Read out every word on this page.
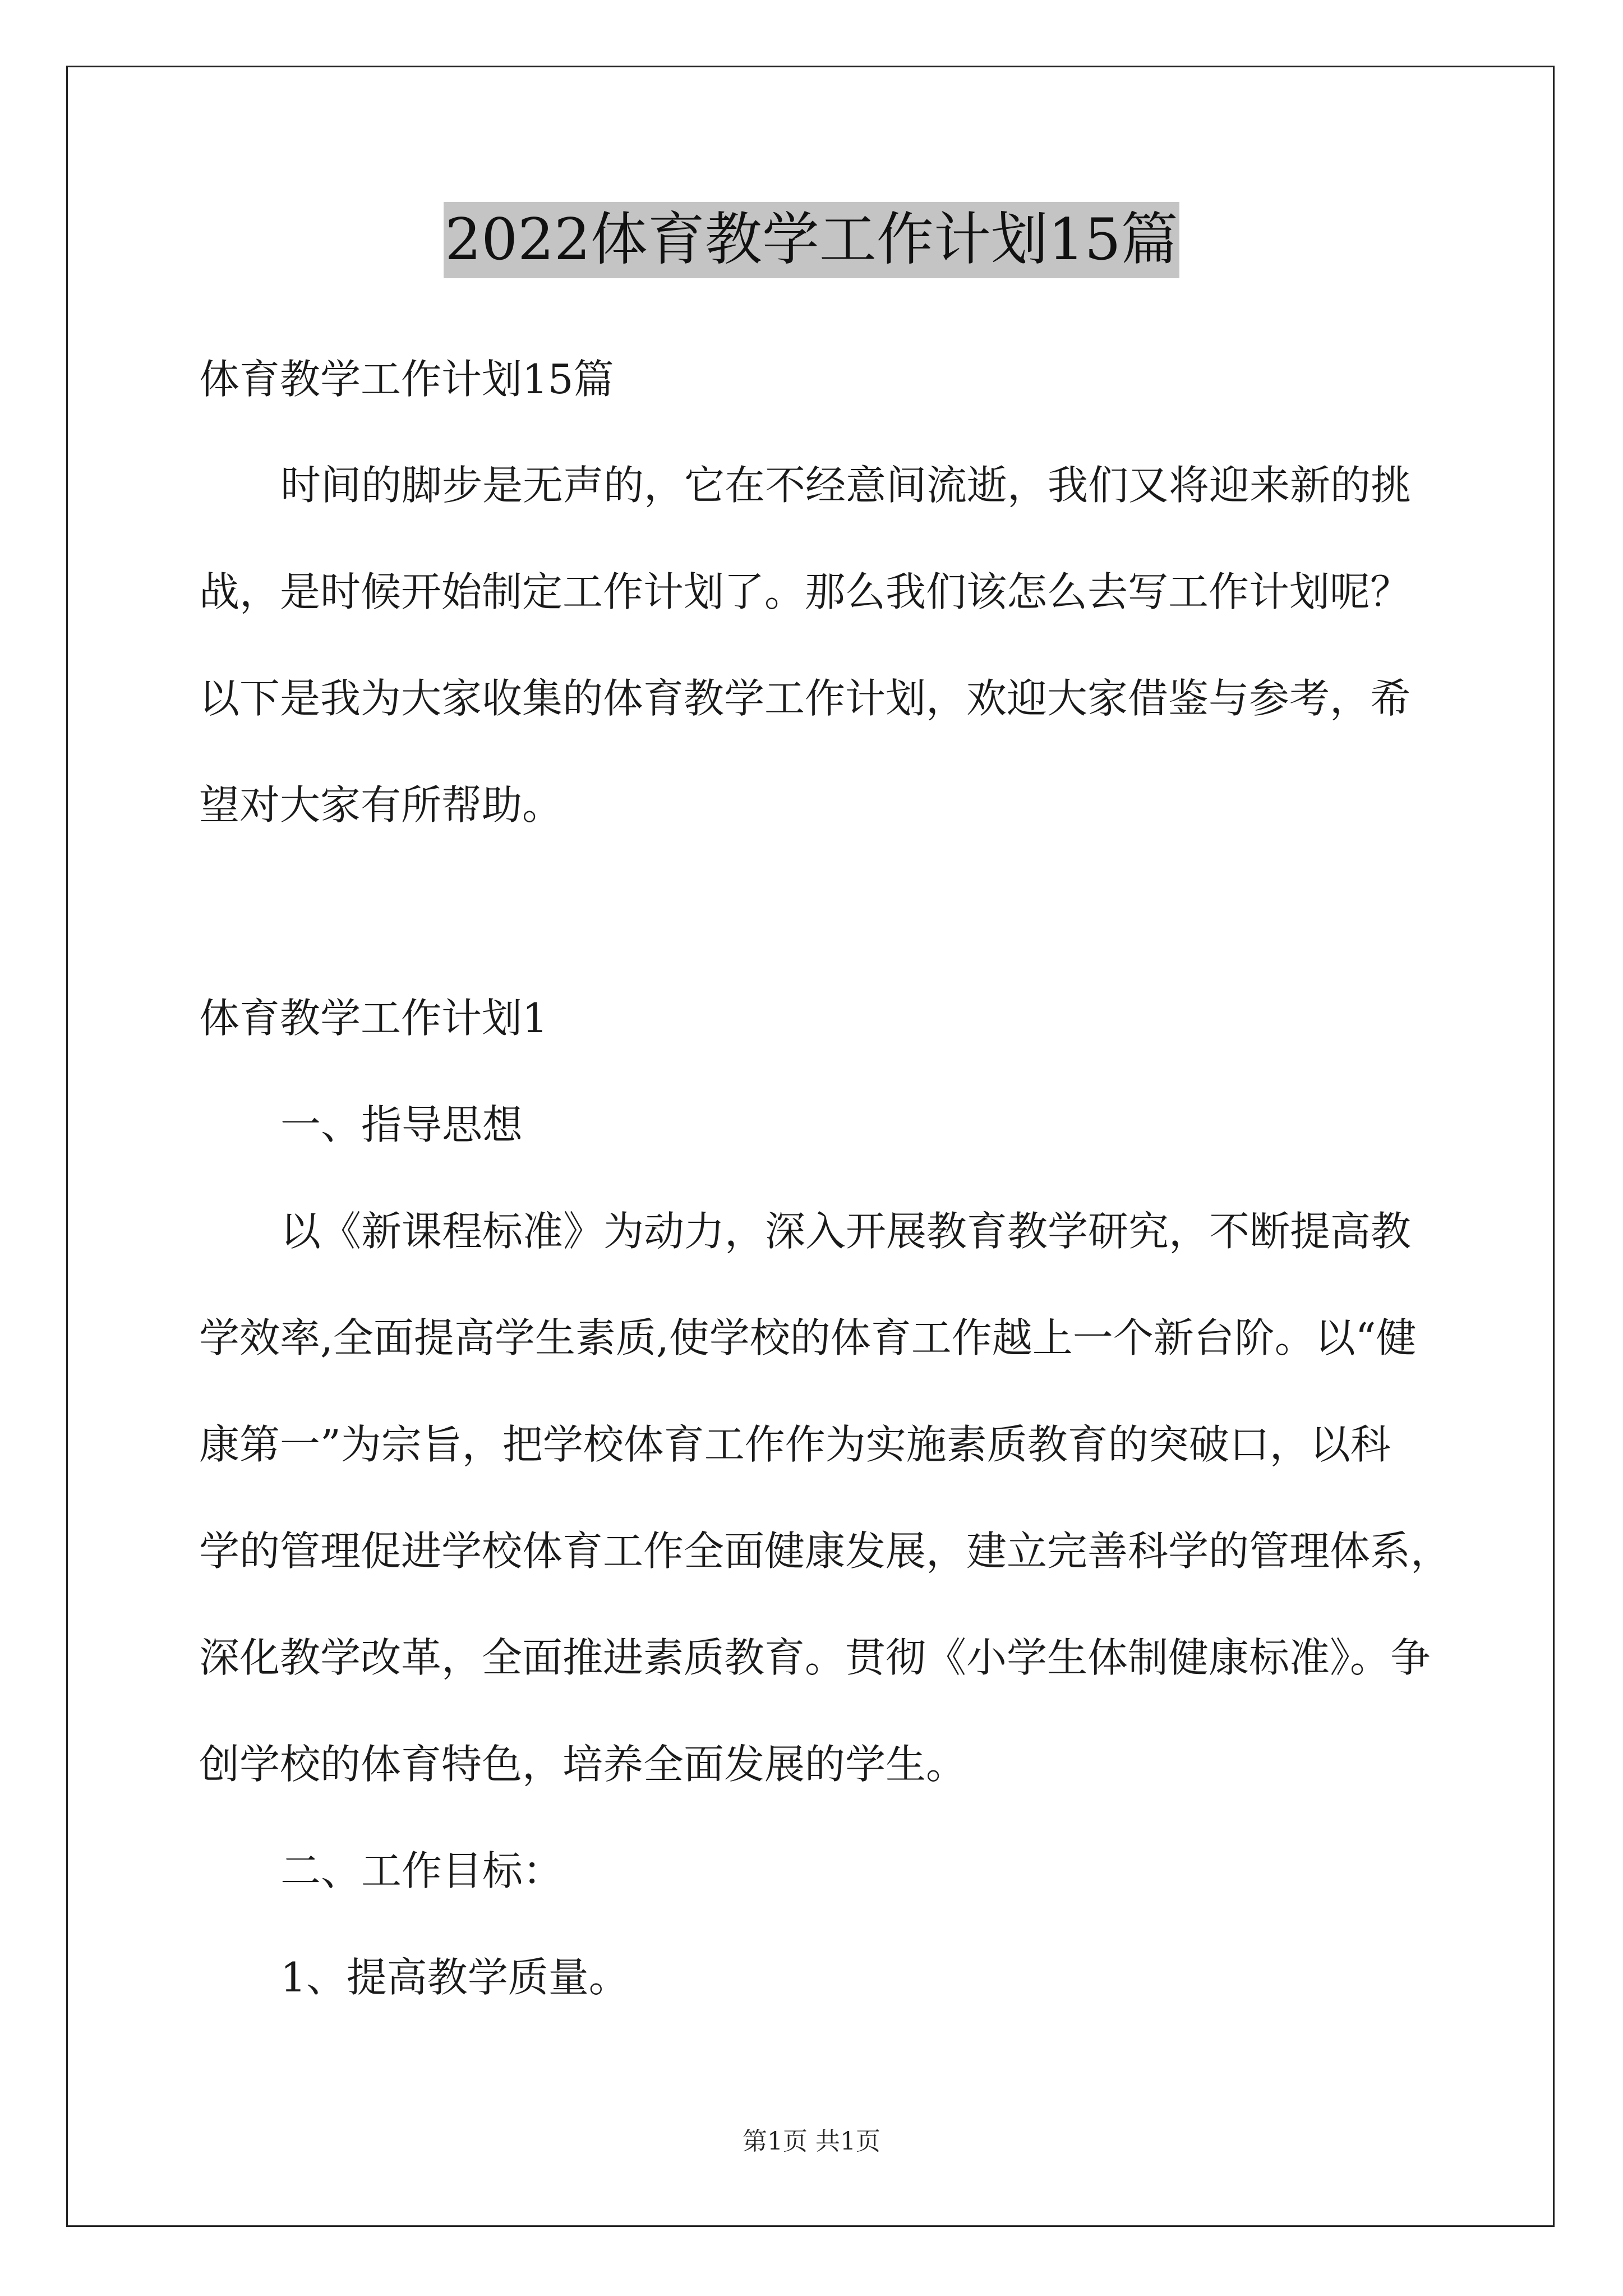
2022体育教学工作计划15篇
体育教学工作计划15篇
时间的脚步是无声的，它在不经意间流逝，我们又将迎来新的挑
战，是时候开始制定工作计划了。那么我们该怎么去写工作计划呢？
以下是我为大家收集的体育教学工作计划，欢迎大家借鉴与参考，希
望对大家有所帮助。
体育教学工作计划1
一、指导思想
以《新课程标准》为动力，深入开展教育教学研究，不断提高教
学效率,全面提高学生素质,使学校的体育工作越上一个新台阶。以“健
康第一”为宗旨，把学校体育工作作为实施素质教育的突破口，以科
学的管理促进学校体育工作全面健康发展，建立完善科学的管理体系，
深化教学改革，全面推进素质教育。贯彻《小学生体制健康标准》。争
创学校的体育特色，培养全面发展的学生。
二、工作目标：
1、提高教学质量。
第1页 共1页
